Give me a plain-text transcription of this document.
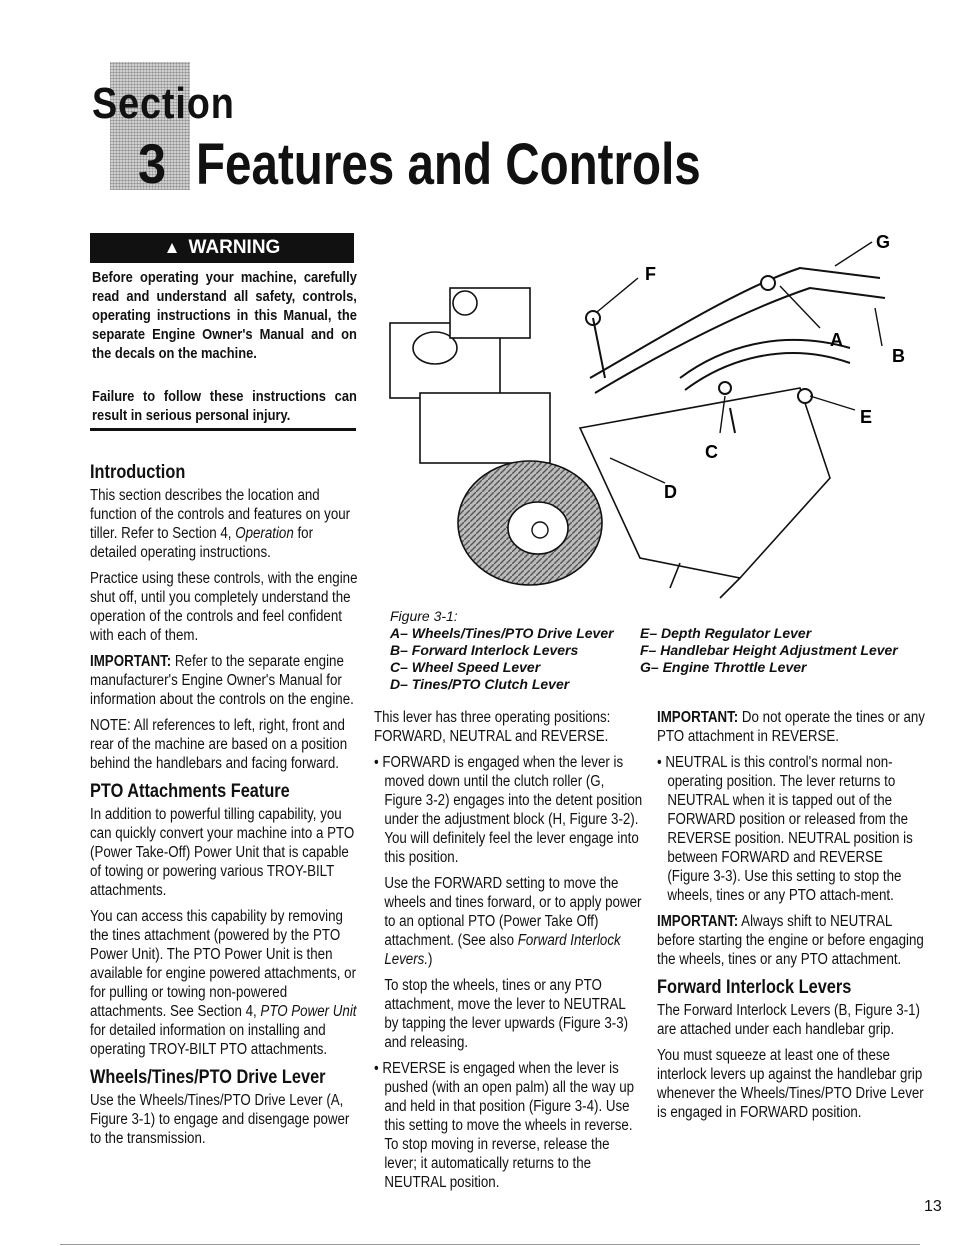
Section
3 Features and Controls
▲ WARNING

Before operating your machine, carefully read and understand all safety, controls, operating instructions in this Manual, the separate Engine Owner's Manual and on the decals on the machine.

Failure to follow these instructions can result in serious personal injury.

Introduction

This section describes the location and function of the controls and features on your tiller. Refer to Section 4, Operation for detailed operating instructions.

Practice using these controls, with the engine shut off, until you completely understand the operation of the controls and feel confident with each of them.

IMPORTANT: Refer to the separate engine manufacturer's Engine Owner's Manual for information about the controls on the engine.

NOTE: All references to left, right, front and rear of the machine are based on a position behind the handlebars and facing forward.

PTO Attachments Feature

In addition to powerful tilling capability, you can quickly convert your machine into a PTO (Power Take-Off) Power Unit that is capable of towing or powering various TROY-BILT attachments.

You can access this capability by removing the tines attachment (powered by the PTO Power Unit). The PTO Power Unit is then available for engine powered attachments, or for pulling or towing non-powered attachments. See Section 4, PTO Power Unit for detailed information on installing and operating TROY-BILT PTO attachments.

Wheels/Tines/PTO Drive Lever

Use the Wheels/Tines/PTO Drive Lever (A, Figure 3-1) to engage and disengage power to the transmission.

F
G
A
B
E
C
D
Figure 3-1:
A– Wheels/Tines/PTO Drive Lever
B– Forward Interlock Levers
C– Wheel Speed Lever
D– Tines/PTO Clutch Lever
E– Depth Regulator Lever
F– Handlebar Height Adjustment Lever
G– Engine Throttle Lever

This lever has three operating positions: FORWARD, NEUTRAL and REVERSE.

• FORWARD is engaged when the lever is moved down until the clutch roller (G, Figure 3-2) engages into the detent position under the adjustment block (H, Figure 3-2). You will definitely feel the lever engage into this position.

Use the FORWARD setting to move the wheels and tines forward, or to apply power to an optional PTO (Power Take Off) attachment. (See also Forward Interlock Levers.)

To stop the wheels, tines or any PTO attachment, move the lever to NEUTRAL by tapping the lever upwards (Figure 3-3) and releasing.

• REVERSE is engaged when the lever is pushed (with an open palm) all the way up and held in that position (Figure 3-4). Use this setting to move the wheels in reverse. To stop moving in reverse, release the lever; it automatically returns to the NEUTRAL position.

IMPORTANT: Do not operate the tines or any PTO attachment in REVERSE.

• NEUTRAL is this control's normal non-operating position. The lever returns to NEUTRAL when it is tapped out of the FORWARD position or released from the REVERSE position. NEUTRAL position is between FORWARD and REVERSE (Figure 3-3). Use this setting to stop the wheels, tines or any PTO attach-ment.

IMPORTANT: Always shift to NEUTRAL before starting the engine or before engaging the wheels, tines or any PTO attachment.

Forward Interlock Levers

The Forward Interlock Levers (B, Figure 3-1) are attached under each handlebar grip.

You must squeeze at least one of these interlock levers up against the handlebar grip whenever the Wheels/Tines/PTO Drive Lever is engaged in FORWARD position.

13
